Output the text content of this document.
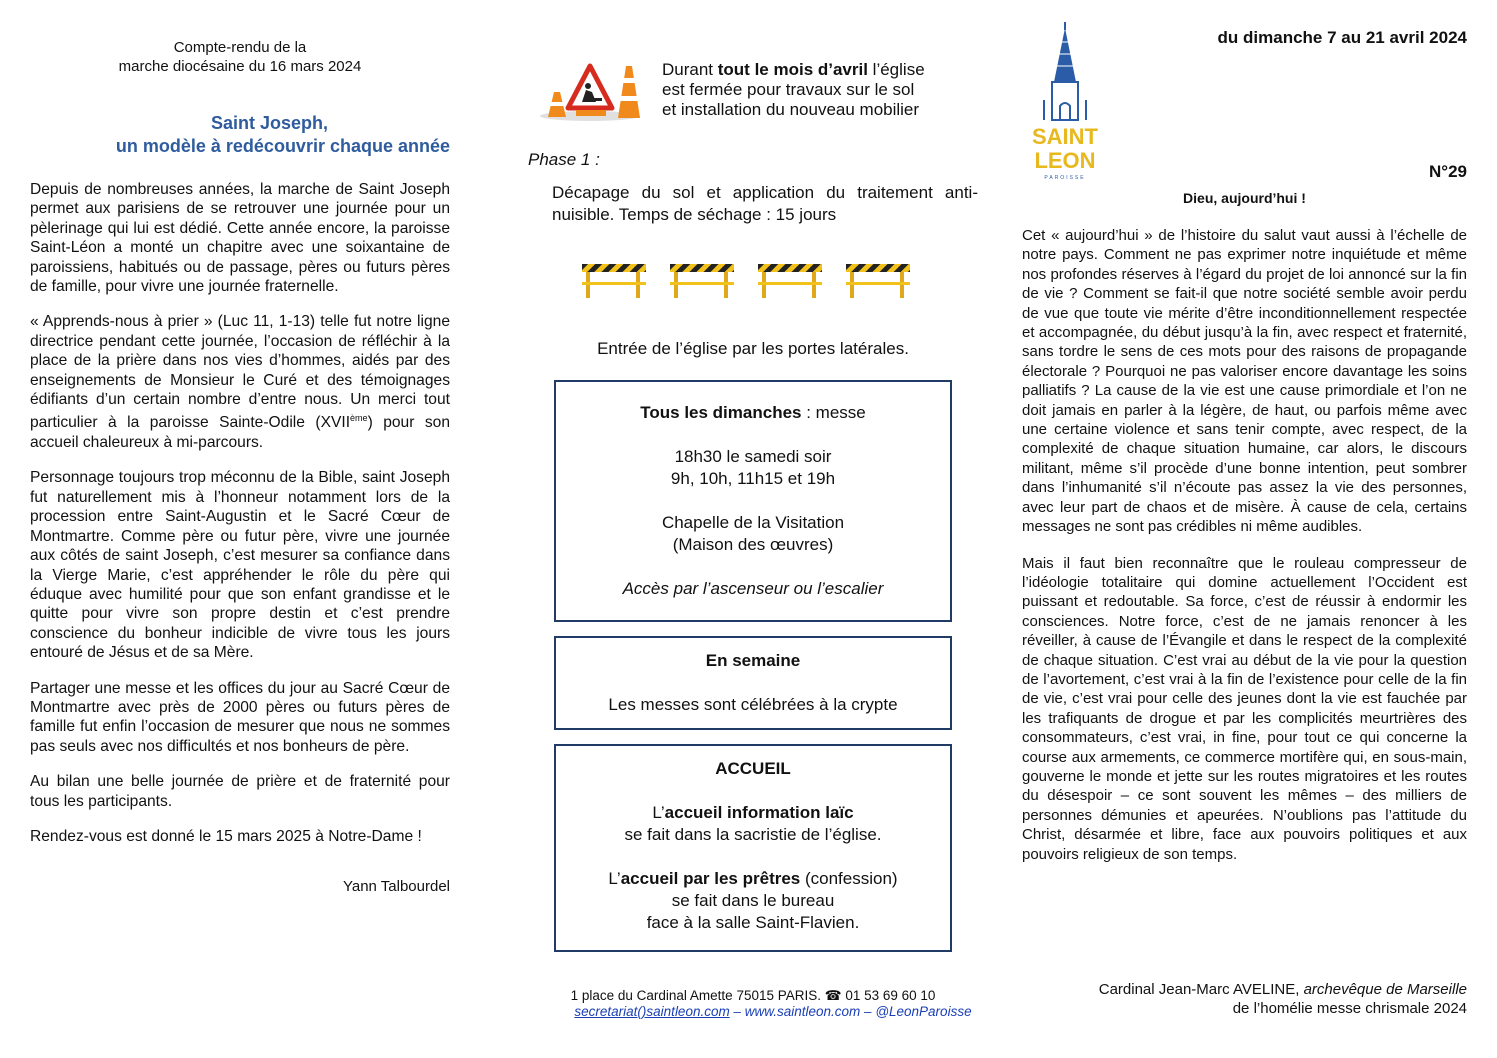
Compte-rendu de la
marche diocésaine du 16 mars 2024
Saint Joseph,
un modèle à redécouvrir chaque année

Depuis de nombreuses années, la marche de Saint Joseph permet aux parisiens de se retrouver une journée pour un pèlerinage qui lui est dédié. Cette année encore, la paroisse Saint-Léon a monté un chapitre avec une soixantaine de paroissiens, habitués ou de passage, pères ou futurs pères de famille, pour vivre une journée fraternelle.

« Apprends-nous à prier » (Luc 11, 1-13) telle fut notre ligne directrice pendant cette journée, l’occasion de réfléchir à la place de la prière dans nos vies d’hommes, aidés par des enseignements de Monsieur le Curé et des témoignages édifiants d’un certain nombre d’entre nous. Un merci tout particulier à la paroisse Sainte-Odile (XVIIème) pour son accueil chaleureux à mi-parcours.

Personnage toujours trop méconnu de la Bible, saint Joseph fut naturellement mis à l’honneur notamment lors de la procession entre Saint-Augustin et le Sacré Cœur de Montmartre. Comme père ou futur père, vivre une journée aux côtés de saint Joseph, c’est mesurer sa confiance dans la Vierge Marie, c’est appréhender le rôle du père qui éduque avec humilité pour que son enfant grandisse et le quitte pour vivre son propre destin et c’est prendre conscience du bonheur indicible de vivre tous les jours entouré de Jésus et de sa Mère.

Partager une messe et les offices du jour au Sacré Cœur de Montmartre avec près de 2000 pères ou futurs pères de famille fut enfin l’occasion de mesurer que nous ne sommes pas seuls avec nos difficultés et nos bonheurs de père.

Au bilan une belle journée de prière et de fraternité pour tous les participants.

Rendez-vous est donné le 15 mars 2025 à Notre-Dame !

Yann Talbourdel
Durant tout le mois d’avril l’église
est fermée pour travaux sur le sol
et installation du nouveau mobilier
Phase 1 :
Décapage du sol et application du traitement anti-nuisible. Temps de séchage : 15 jours
Entrée de l’église par les portes latérales.

Tous les dimanches : messe

18h30 le samedi soir

9h, 10h, 11h15 et 19h

Chapelle de la Visitation

(Maison des œuvres)

Accès par l’ascenseur ou l’escalier

En semaine

Les messes sont célébrées à la crypte

ACCUEIL

L’accueil information laïc

se fait dans la sacristie de l’église.

L’accueil par les prêtres (confession)

se fait dans le bureau

face à la salle Saint-Flavien.

1 place du Cardinal Amette 75015 PARIS. ☎ 01 53 69 60 10
secretariat()saintleon.com – www.saintleon.com – @LeonParoisse
du dimanche 7 au 21 avril 2024
SAINT
LEON
PAROISSE	N°29
Dieu, aujourd’hui !

Cet « aujourd’hui » de l’histoire du salut vaut aussi à l’échelle de notre pays. Comment ne pas exprimer notre inquiétude et même nos profondes réserves à l’égard du projet de loi annoncé sur la fin de vie ? Comment se fait-il que notre société semble avoir perdu de vue que toute vie mérite d’être inconditionnellement respectée et accompagnée, du début jusqu’à la fin, avec respect et fraternité, sans tordre le sens de ces mots pour des raisons de propagande électorale ? Pourquoi ne pas valoriser encore davantage les soins palliatifs ? La cause de la vie est une cause primordiale et l’on ne doit jamais en parler à la légère, de haut, ou parfois même avec une certaine violence et sans tenir compte, avec respect, de la complexité de chaque situation humaine, car alors, le discours militant, même s’il procède d’une bonne intention, peut sombrer dans l’inhumanité s’il n’écoute pas assez la vie des personnes, avec leur part de chaos et de misère. À cause de cela, certains messages ne sont pas crédibles ni même audibles.

Mais il faut bien reconnaître que le rouleau compresseur de l’idéologie totalitaire qui domine actuellement l’Occident est puissant et redoutable. Sa force, c’est de réussir à endormir les consciences. Notre force, c’est de ne jamais renoncer à les réveiller, à cause de l’Évangile et dans le respect de la complexité de chaque situation. C’est vrai au début de la vie pour la question de l’avortement, c’est vrai à la fin de l’existence pour celle de la fin de vie, c’est vrai pour celle des jeunes dont la vie est fauchée par les trafiquants de drogue et par les complicités meurtrières des consommateurs, c’est vrai, in fine, pour tout ce qui concerne la course aux armements, ce commerce mortifère qui, en sous-main, gouverne le monde et jette sur les routes migratoires et les routes du désespoir – ce sont souvent les mêmes – des milliers de personnes démunies et apeurées. N’oublions pas l’attitude du Christ, désarmée et libre, face aux pouvoirs politiques et aux pouvoirs religieux de son temps.

Cardinal Jean-Marc AVELINE, archevêque de Marseille
de l’homélie messe chrismale 2024
